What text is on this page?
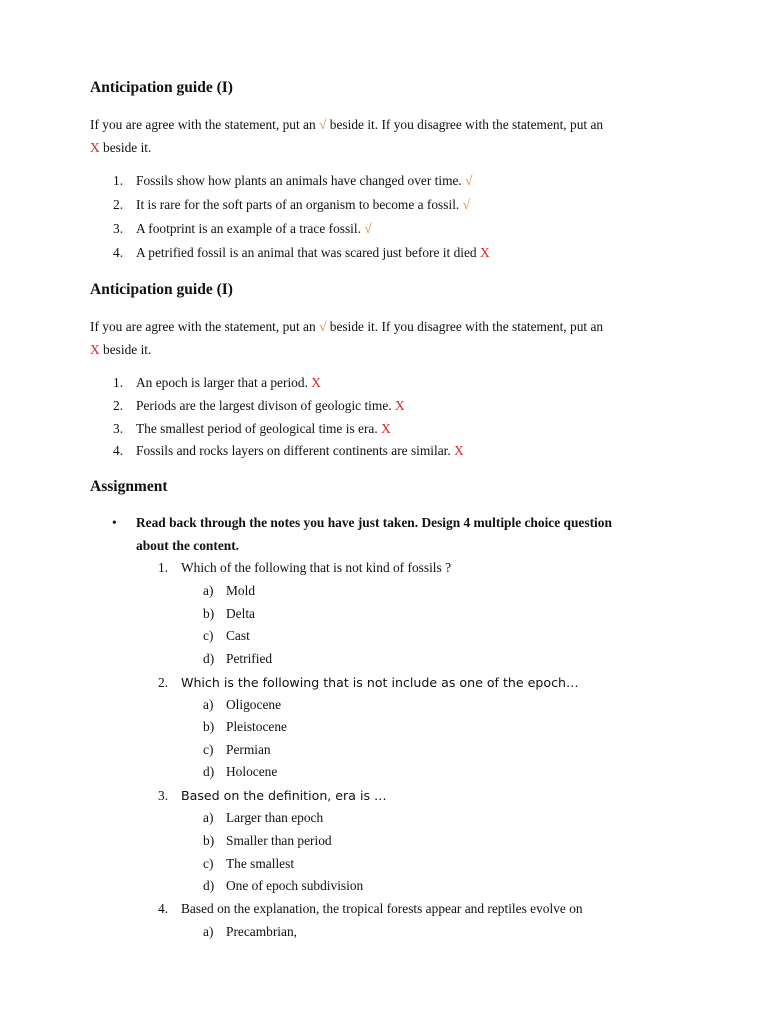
Anticipation guide (I)

If you are agree with the statement, put an √ beside it. If you disagree with the statement, put an
X beside it.

1. Fossils show how plants an animals have changed over time. √
2. It is rare for the soft parts of an organism to become a fossil. √
3. A footprint is an example of a trace fossil. √
4. A petrified fossil is an animal that was scared just before it died X
Anticipation guide (I)

If you are agree with the statement, put an √ beside it. If you disagree with the statement, put an
X beside it.

1. An epoch is larger that a period. X
2. Periods are the largest divison of geologic time. X
3. The smallest period of geological time is era. X
4. Fossils and rocks layers on different continents are similar. X
Assignment
• Read back through the notes you have just taken. Design 4 multiple choice question
about the content.
1. Which of the following that is not kind of fossils ?
a) Mold
b) Delta
c) Cast
d) Petrified
2. Which is the following that is not include as one of the epoch…
a) Oligocene
b) Pleistocene
c) Permian
d) Holocene
3. Based on the definition, era is …
a) Larger than epoch
b) Smaller than period
c) The smallest
d) One of epoch subdivision
4. Based on the explanation, the tropical forests appear and reptiles evolve on
a) Precambrian,
